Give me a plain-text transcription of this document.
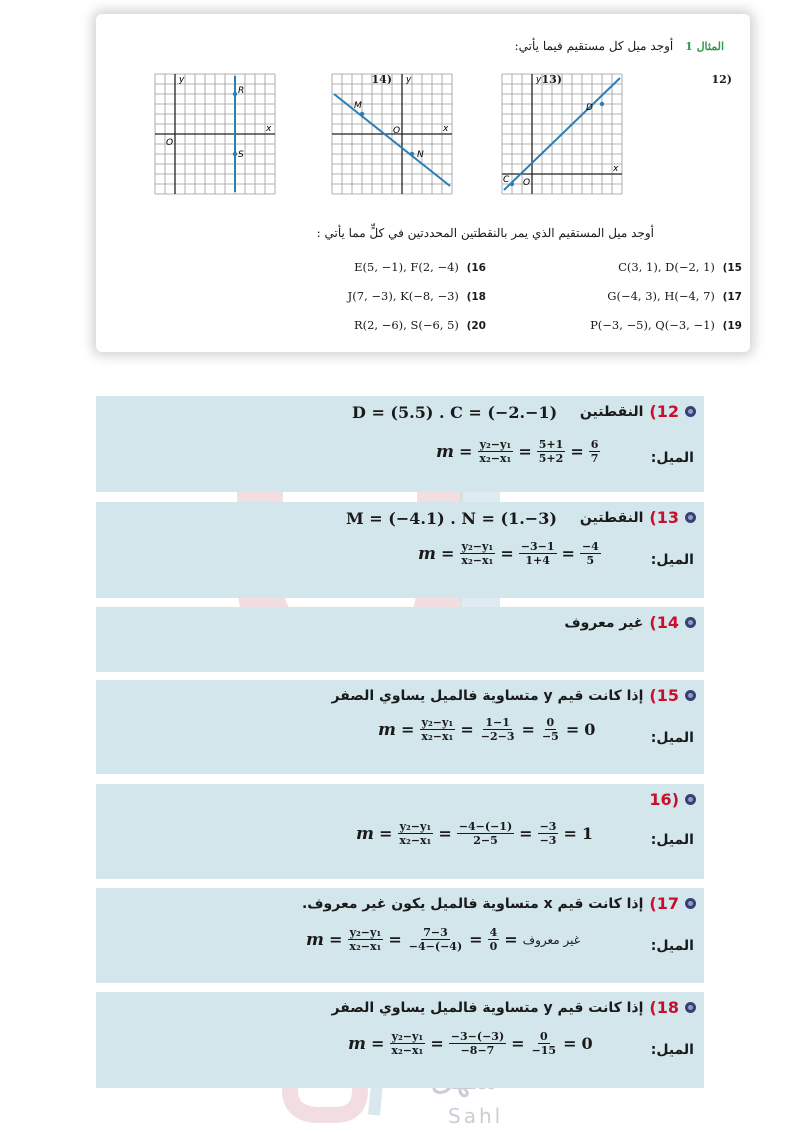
المثال 1 أوجد ميل كل مستقيم فيما يأتي:
12)
13)
14)	y
x
O
C
D
y
x
O
M
N
y
x
O
R
S
أوجد ميل المستقيم الذي يمر بالنقطتين المحددتين في كلٍّ مما يأتي :
C(3, 1), D(−2, 1) (15
E(5, −1), F(2, −4) (16
G(−4, 3), H(−4, 7) (17
J(7, −3), K(−8, −3) (18
P(−3, −5), Q(−3, −1) (19
R(2, −6), S(−6, 5) (20
Sahl
12)
النقطتين
D = (5.5) . C = (−2.−1)
الميل:
$m = \frac{\text{y₂−y₁}}{\text{x₂−x₁}} = \frac{5+1}{5+2} = \frac{6}{7}$
13)
النقطتين
M = (−4.1) . N = (1.−3)
الميل:
$m = \frac{\text{y₂−y₁}}{\text{x₂−x₁}} = \frac{-3-1}{1+4} = \frac{-4}{5}$
14)
غير معروف
15)
إذا كانت قيم y متساوية فالميل يساوي الصفر
الميل:
$m = \frac{\text{y₂−y₁}}{\text{x₂−x₁}} = \frac{1-1}{-2-3} = \frac{0}{-5} = 0$
(16
الميل:
$m = \frac{\text{y₂−y₁}}{\text{x₂−x₁}} = \frac{-4-(-1)}{2-5} = \frac{-3}{-3} = 1$
17)
إذا كانت قيم x متساوية فالميل يكون غير معروف.
الميل:
$m = \frac{\text{y₂−y₁}}{\text{x₂−x₁}} = \frac{7-3}{-4-(-4)} = \frac{4}{0}$ = غير معروف
18)
إذا كانت قيم y متساوية فالميل يساوي الصفر
الميل:
$m = \frac{\text{y₂−y₁}}{\text{x₂−x₁}} = \frac{-3-(-3)}{-8-7} = \frac{0}{-15} = 0$
